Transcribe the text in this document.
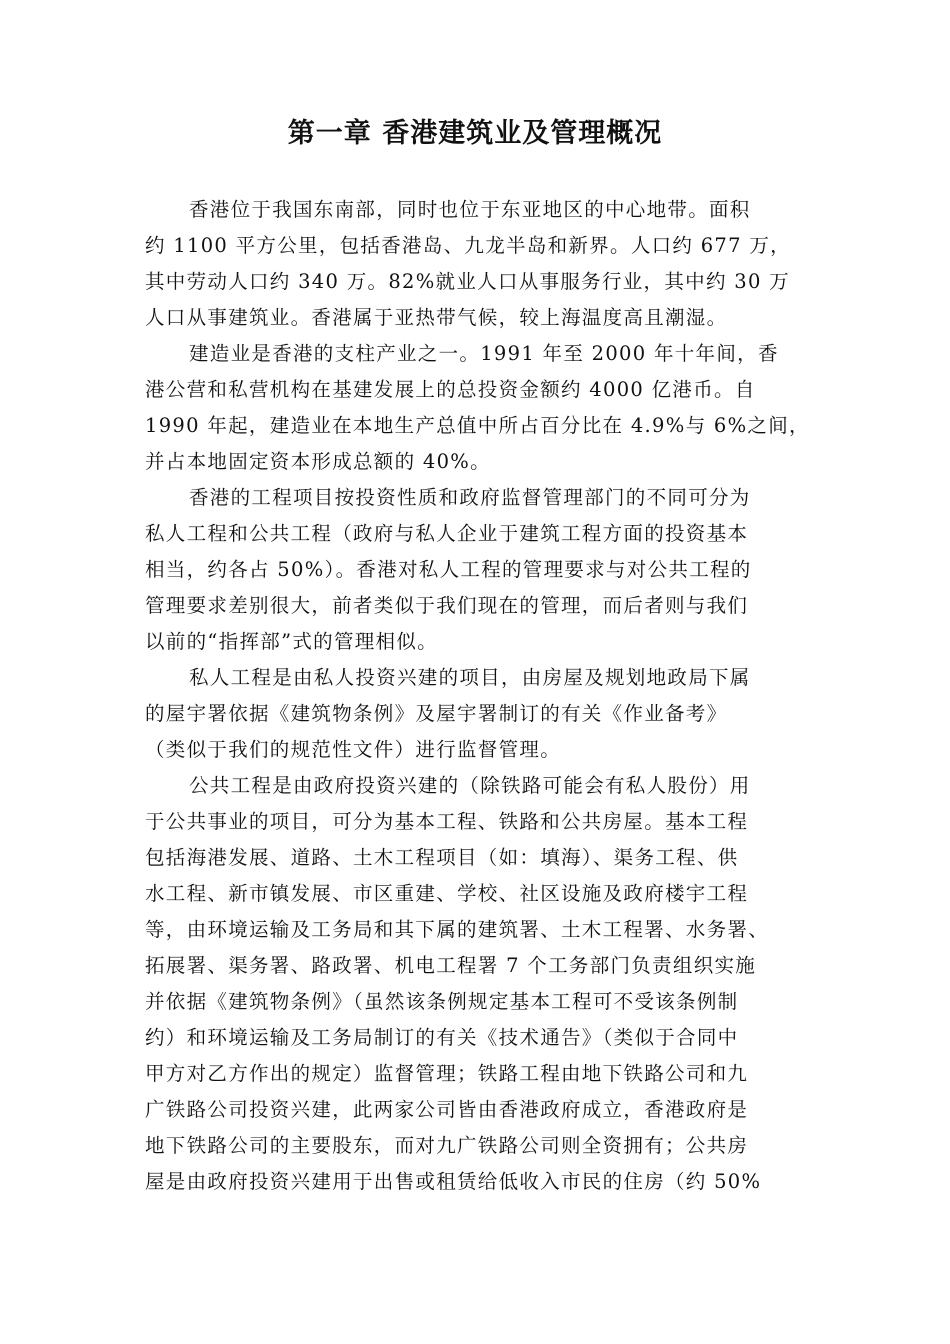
第一章 香港建筑业及管理概况
香港位于我国东南部，同时也位于东亚地区的中心地带。面积
约 1100 平方公里，包括香港岛、九龙半岛和新界。人口约 677 万，
其中劳动人口约 340 万。82%就业人口从事服务行业，其中约 30 万
人口从事建筑业。香港属于亚热带气候，较上海温度高且潮湿。
建造业是香港的支柱产业之一。1991 年至 2000 年十年间，香
港公营和私营机构在基建发展上的总投资金额约 4000 亿港币。自
1990 年起，建造业在本地生产总值中所占百分比在 4.9%与 6%之间，
并占本地固定资本形成总额的 40%。
香港的工程项目按投资性质和政府监督管理部门的不同可分为
私人工程和公共工程（政府与私人企业于建筑工程方面的投资基本
相当，约各占 50%）。香港对私人工程的管理要求与对公共工程的
管理要求差别很大，前者类似于我们现在的管理，而后者则与我们
以前的“指挥部”式的管理相似。
私人工程是由私人投资兴建的项目，由房屋及规划地政局下属
的屋宇署依据《建筑物条例》及屋宇署制订的有关《作业备考》
（类似于我们的规范性文件）进行监督管理。
公共工程是由政府投资兴建的（除铁路可能会有私人股份）用
于公共事业的项目，可分为基本工程、铁路和公共房屋。基本工程
包括海港发展、道路、土木工程项目（如：填海）、渠务工程、供
水工程、新市镇发展、市区重建、学校、社区设施及政府楼宇工程
等，由环境运输及工务局和其下属的建筑署、土木工程署、水务署、
拓展署、渠务署、路政署、机电工程署 7 个工务部门负责组织实施
并依据《建筑物条例》（虽然该条例规定基本工程可不受该条例制
约）和环境运输及工务局制订的有关《技术通告》（类似于合同中
甲方对乙方作出的规定）监督管理；铁路工程由地下铁路公司和九
广铁路公司投资兴建，此两家公司皆由香港政府成立，香港政府是
地下铁路公司的主要股东，而对九广铁路公司则全资拥有；公共房
屋是由政府投资兴建用于出售或租赁给低收入市民的住房（约 50%
